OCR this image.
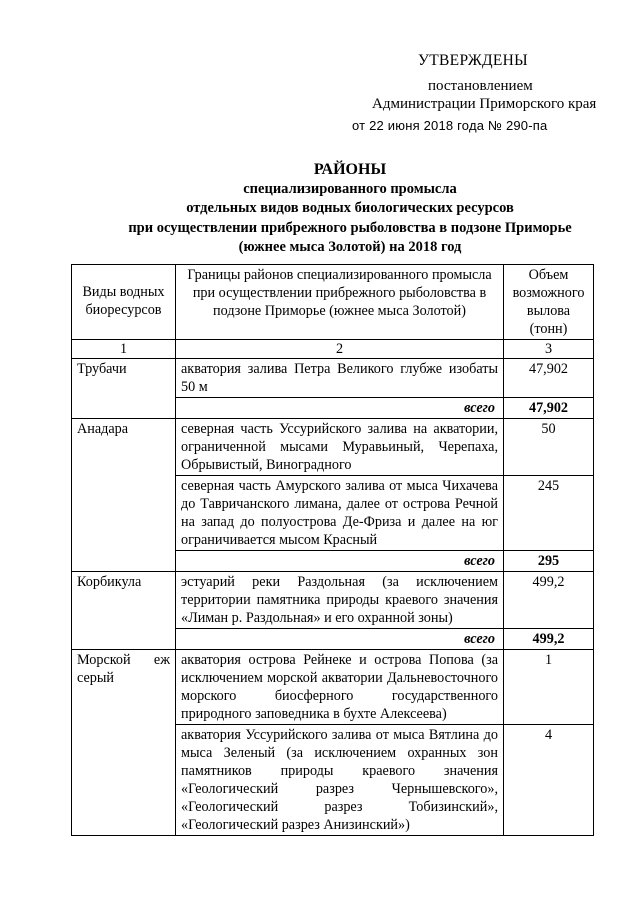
УТВЕРЖДЕНЫ
постановлением
Администрации Приморского края
от 22 июня 2018 года № 290-па
РАЙОНЫ
специализированного промысла
отдельных видов водных биологических ресурсов
при осуществлении прибрежного рыболовства в подзоне Приморье
(южнее мыса Золотой) на 2018 год
Виды водных биоресурсов	Границы районов специализированного промысла при осуществлении прибрежного рыболовства в подзоне Приморье (южнее мыса Золотой)	Объем возможного вылова (тонн)
1	2	3
Трубачи	акватория залива Петра Великого глубже изобаты 50 м	47,902
	всего	47,902
Анадара	северная часть Уссурийского залива на акватории, ограниченной мысами Муравьиный, Черепаха, Обрывистый, Виноградного	50
	северная часть Амурского залива от мыса Чихачева до Тавричанского лимана, далее от острова Речной на запад до полуострова Де-Фриза и далее на юг ограничивается мысом Красный	245
	всего	295
Корбикула	эстуарий реки Раздольная (за исключением территории памятника природы краевого значения «Лиман р. Раздольная» и его охранной зоны)	499,2
	всего	499,2

Морской еж
серый	акватория острова Рейнеке и острова Попова (за исключением морской акватории Дальневосточного морского биосферного государственного природного заповедника в бухте Алексеева)	1
	акватория Уссурийского залива от мыса Вятлина до мыса Зеленый (за исключением охранных зон памятников природы краевого значения «Геологический разрез Чернышевского», «Геологический разрез Тобизинский», «Геологический разрез Анизинский»)	4
